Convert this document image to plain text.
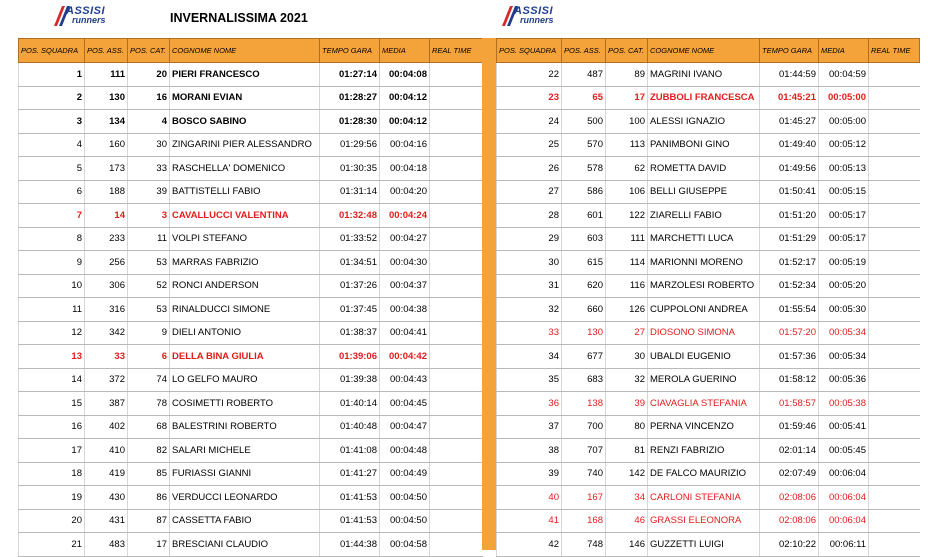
ASSISI
runners	INVERNALISSIMA 2021	ASSISI
runners
POS. SQUADRA	POS. ASS.	POS. CAT.	COGNOME NOME	TEMPO GARA	MEDIA	REAL TIME
1	111	20	PIERI FRANCESCO	01:27:14	00:04:08	
2	130	16	MORANI EVIAN	01:28:27	00:04:12	
3	134	4	BOSCO SABINO	01:28:30	00:04:12	
4	160	30	ZINGARINI PIER ALESSANDRO	01:29:56	00:04:16	
5	173	33	RASCHELLA' DOMENICO	01:30:35	00:04:18	
6	188	39	BATTISTELLI FABIO	01:31:14	00:04:20	
7	14	3	CAVALLUCCI VALENTINA	01:32:48	00:04:24	
8	233	11	VOLPI STEFANO	01:33:52	00:04:27	
9	256	53	MARRAS FABRIZIO	01:34:51	00:04:30	
10	306	52	RONCI ANDERSON	01:37:26	00:04:37	
11	316	53	RINALDUCCI SIMONE	01:37:45	00:04:38	
12	342	9	DIELI ANTONIO	01:38:37	00:04:41	
13	33	6	DELLA BINA GIULIA	01:39:06	00:04:42	
14	372	74	LO GELFO MAURO	01:39:38	00:04:43	
15	387	78	COSIMETTI ROBERTO	01:40:14	00:04:45	
16	402	68	BALESTRINI ROBERTO	01:40:48	00:04:47	
17	410	82	SALARI MICHELE	01:41:08	00:04:48	
18	419	85	FURIASSI GIANNI	01:41:27	00:04:49	
19	430	86	VERDUCCI LEONARDO	01:41:53	00:04:50	
20	431	87	CASSETTA FABIO	01:41:53	00:04:50	
21	483	17	BRESCIANI CLAUDIO	01:44:38	00:04:58	
POS. SQUADRA	POS. ASS.	POS. CAT.	COGNOME NOME	TEMPO GARA	MEDIA	REAL TIME
22	487	89	MAGRINI IVANO	01:44:59	00:04:59	
23	65	17	ZUBBOLI FRANCESCA	01:45:21	00:05:00	
24	500	100	ALESSI IGNAZIO	01:45:27	00:05:00	
25	570	113	PANIMBONI GINO	01:49:40	00:05:12	
26	578	62	ROMETTA DAVID	01:49:56	00:05:13	
27	586	106	BELLI GIUSEPPE	01:50:41	00:05:15	
28	601	122	ZIARELLI FABIO	01:51:20	00:05:17	
29	603	111	MARCHETTI LUCA	01:51:29	00:05:17	
30	615	114	MARIONNI MORENO	01:52:17	00:05:19	
31	620	116	MARZOLESI ROBERTO	01:52:34	00:05:20	
32	660	126	CUPPOLONI ANDREA	01:55:54	00:05:30	
33	130	27	DIOSONO SIMONA	01:57:20	00:05:34	
34	677	30	UBALDI EUGENIO	01:57:36	00:05:34	
35	683	32	MEROLA GUERINO	01:58:12	00:05:36	
36	138	39	CIAVAGLIA STEFANIA	01:58:57	00:05:38	
37	700	80	PERNA VINCENZO	01:59:46	00:05:41	
38	707	81	RENZI FABRIZIO	02:01:14	00:05:45	
39	740	142	DE FALCO MAURIZIO	02:07:49	00:06:04	
40	167	34	CARLONI STEFANIA	02:08:06	00:06:04	
41	168	46	GRASSI ELEONORA	02:08:06	00:06:04	
42	748	146	GUZZETTI LUIGI	02:10:22	00:06:11	
